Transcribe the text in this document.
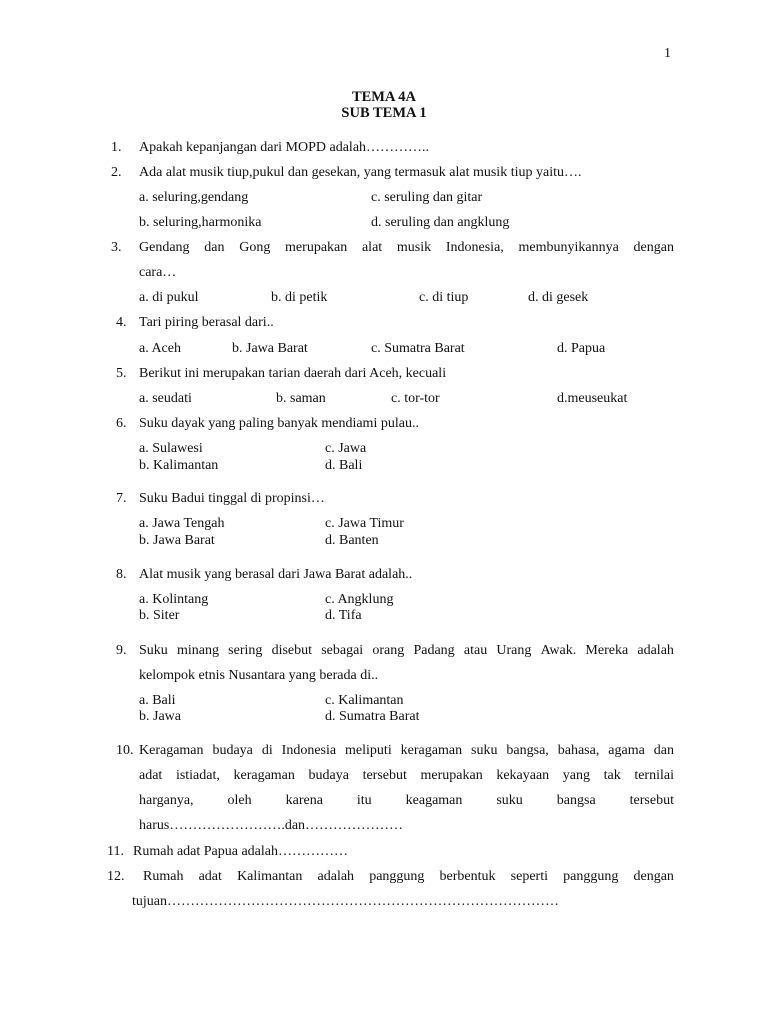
1
TEMA 4A
SUB TEMA 1
1. Apakah kepanjangan dari MOPD adalah…………..
2. Ada alat musik tiup,pukul dan gesekan, yang termasuk alat musik tiup yaitu….
a. seluring,gendang	c. seruling dan gitar
b. seluring,harmonika	d. seruling dan angklung
3. Gendang dan Gong merupakan alat musik Indonesia, membunyikannya dengan
cara…
a. di pukul	b. di petik	c. di tiup	d. di gesek
4. Tari piring berasal dari..
a. Aceh	b. Jawa Barat	c. Sumatra Barat	d. Papua
5. Berikut ini merupakan tarian daerah dari Aceh, kecuali
a. seudati	b. saman	c. tor-tor	d.meuseukat
6. Suku dayak yang paling banyak mendiami pulau..
a. Sulawesi	c. Jawa
b. Kalimantan	d. Bali
7. Suku Badui tinggal di propinsi…
a. Jawa Tengah	c. Jawa Timur
b. Jawa Barat	d. Banten
8. Alat musik yang berasal dari Jawa Barat adalah..
a. Kolintang	c. Angklung
b. Siter	d. Tifa
9. Suku minang sering disebut sebagai orang Padang atau Urang Awak. Mereka adalah
kelompok etnis Nusantara yang berada di..
a. Bali	c. Kalimantan
b. Jawa	d. Sumatra Barat
10. Keragaman budaya di Indonesia meliputi keragaman suku bangsa, bahasa, agama dan
adat istiadat, keragaman budaya tersebut merupakan kekayaan yang tak ternilai
harganya, oleh karena itu keagaman suku bangsa tersebut
harus…………………….dan…………………
11. Rumah adat Papua adalah……………
12. Rumah adat Kalimantan adalah panggung berbentuk seperti panggung dengan
tujuan…………………………………………………………………………
